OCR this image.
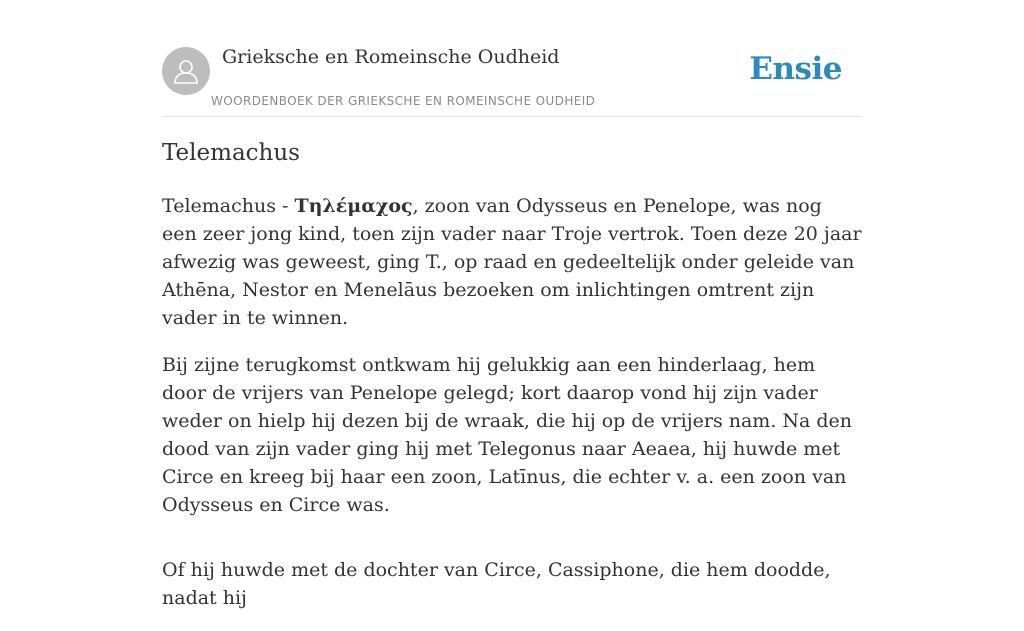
Grieksche en Romeinsche Oudheid
WOORDENBOEK DER GRIEKSCHE EN ROMEINSCHE OUDHEID
Ensie
Telemachus

Telemachus - Τηλέμαχος, zoon van Odysseus en Penelope, was nog een zeer jong kind, toen zijn vader naar Troje vertrok. Toen deze 20 jaar afwezig was geweest, ging T., op raad en gedeeltelijk onder geleide van Athēna, Nestor en Menelāus bezoeken om inlichtingen omtrent zijn vader in te winnen.

Bij zijne terugkomst ontkwam hij gelukkig aan een hinderlaag, hem door de vrijers van Penelope gelegd; kort daarop vond hij zijn vader weder on hielp hij dezen bij de wraak, die hij op de vrijers nam. Na den dood van zijn vader ging hij met Telegonus naar Aeaea, hij huwde met Circe en kreeg bij haar een zoon, Latīnus, die echter v. a. een zoon van Odysseus en Circe was.

Of hij huwde met de dochter van Circe, Cassiphone, die hem doodde, nadat hij
